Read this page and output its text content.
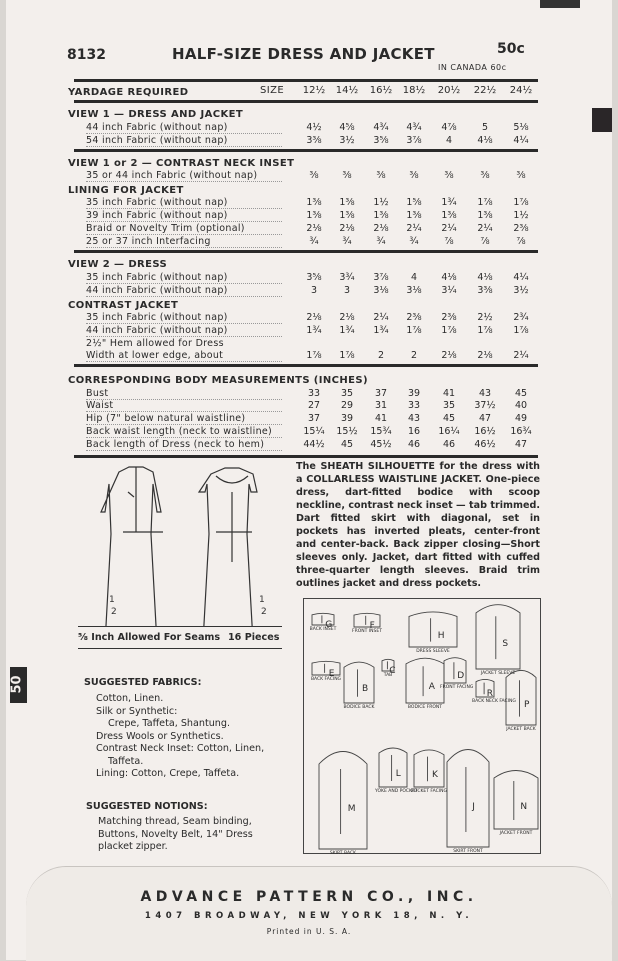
8132	HALF-SIZE DRESS AND JACKET	50c
IN CANADA 60c
YARDAGE REQUIRED	SIZE	12½	14½	16½	18½	20½	22½	24½
VIEW 1 — DRESS AND JACKET
44 inch Fabric (without nap)	4½	4⅝	4¾	4¾	4⅞	5	5⅛
54 inch Fabric (without nap)	3⅜	3½	3⅝	3⅞	4	4⅛	4¼
VIEW 1 or 2 — CONTRAST NECK INSET
35 or 44 inch Fabric (without nap)	⅜	⅜	⅜	⅜	⅜	⅜	⅜
LINING FOR JACKET
35 inch Fabric (without nap)	1⅜	1⅜	1½	1⅝	1¾	1⅞	1⅞
39 inch Fabric (without nap)	1⅜	1⅜	1⅜	1⅜	1⅜	1⅜	1½
Braid or Novelty Trim (optional)	2⅛	2⅛	2⅛	2¼	2¼	2¼	2⅜
25 or 37 inch Interfacing	¾	¾	¾	¾	⅞	⅞	⅞
VIEW 2 — DRESS
35 inch Fabric (without nap)	3⅝	3¾	3⅞	4	4⅛	4⅛	4¼
44 inch Fabric (without nap)	3	3	3⅛	3⅛	3¼	3⅜	3½
CONTRAST JACKET
35 inch Fabric (without nap)	2⅛	2⅛	2¼	2⅜	2⅜	2½	2¾
44 inch Fabric (without nap)	1¾	1¾	1¾	1⅞	1⅞	1⅞	1⅞
2½" Hem allowed for Dress
Width at lower edge, about	1⅞	1⅞	2	2	2⅛	2⅛	2¼
CORRESPONDING BODY MEASUREMENTS (INCHES)
Bust	33	35	37	39	41	43	45
Waist	27	29	31	33	35	37½	40
Hip (7" below natural waistline)	37	39	41	43	45	47	49
Back waist length (neck to waistline)	15¼	15½	15¾	16	16¼	16½	16¾
Back length of Dress (neck to hem)	44½	45	45½	46	46	46½	47
1
2
1
2
The SHEATH SILHOUETTE for the dress with a COLLARLESS WAISTLINE JACKET. One-piece dress, dart-fitted bodice with scoop neckline, contrast neck inset — tab trimmed. Dart fitted skirt with diagonal, set in pockets has inverted pleats, center-front and center-back. Back zipper closing—Short sleeves only. Jacket, dart fitted with cuffed three-quarter length sleeves. Braid trim outlines jacket and dress pockets.
⅝ Inch Allowed For Seams 16 Pieces
50	SUGGESTED FABRICS:
Cotton, Linen.
Silk or Synthetic:
Crepe, Taffeta, Shantung.
Dress Wools or Synthetics.
Contrast Neck Inset: Cotton, Linen,
Taffeta.
Lining: Cotton, Crepe, Taffeta.
SUGGESTED NOTIONS:
Matching thread, Seam binding,
Buttons, Novelty Belt, 14" Dress
placket zipper.
G
BACK INSET	F
FRONT INSET	H
DRESS SLEEVE
S
JACKET SLEEVE
E
BACK FACING
B
BODICE BACK
C
TAB
A
BODICE FRONT
D
FRONT FACING
R
BACK NECK FACING P
JACKET BACK
M
SKIRT BACK
L
YOKE AND POCKET
K
POCKET FACING
J
SKIRT FRONT
N
JACKET FRONT
ADVANCE PATTERN CO., INC.
1407 BROADWAY, NEW YORK 18, N. Y.
Printed in U. S. A.
